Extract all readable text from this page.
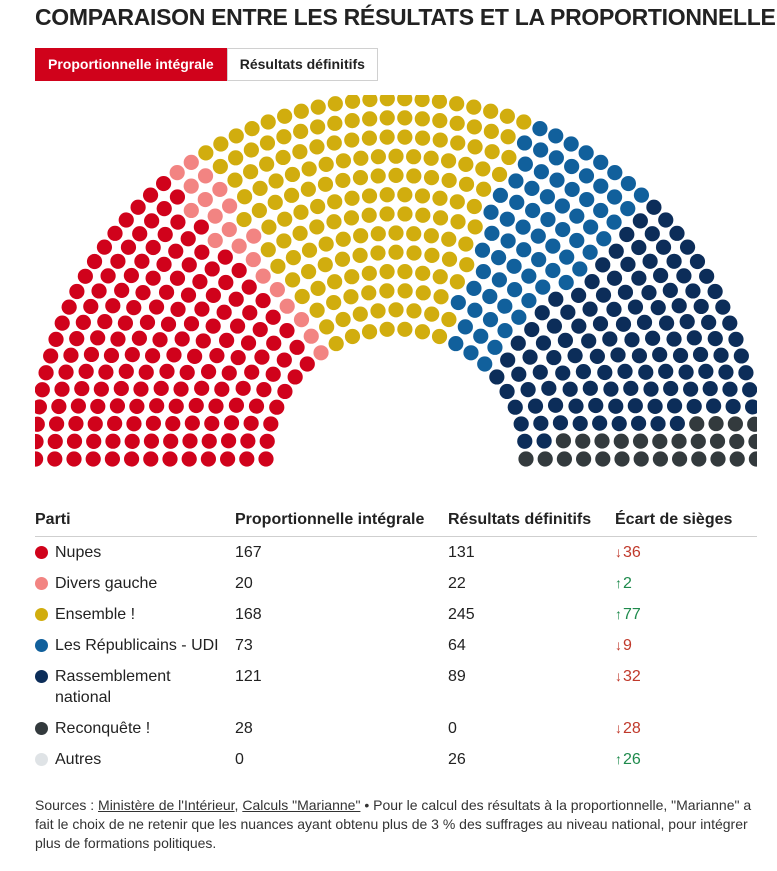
COMPARAISON ENTRE LES RÉSULTATS ET LA PROPORTIONNELLE
Proportionnelle intégrale	Résultats définitifs
Parti	Proportionnelle intégrale	Résultats définitifs	Écart de sièges

Nupes	167	131	↓36

Divers gauche	20	22	↑2

Ensemble !	168	245	↑77

Les Républicains - UDI	73	64	↓9

Rassemblement national	121	89	↓32

Reconquête !	28	0	↓28

Autres	0	26	↑26

Sources : Ministère de l'Intérieur, Calculs "Marianne" • Pour le calcul des résultats à la proportionnelle, "Marianne" a fait le choix de ne retenir que les nuances ayant obtenu plus de 3 % des suffrages au niveau national, pour intégrer plus de formations politiques.
